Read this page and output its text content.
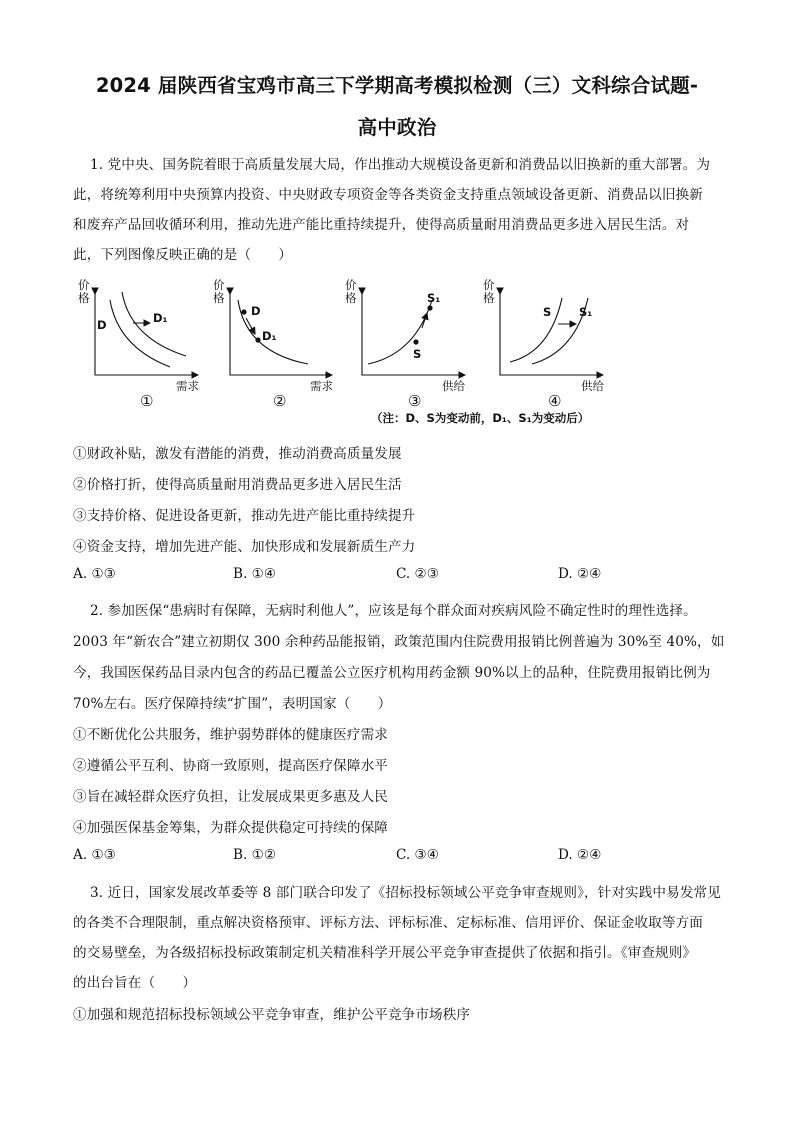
2024 届陕西省宝鸡市高三下学期高考模拟检测（三）文科综合试题-
高中政治
1. 党中央、国务院着眼于高质量发展大局，作出推动大规模设备更新和消费品以旧换新的重大部署。为
此，将统筹利用中央预算内投资、中央财政专项资金等各类资金支持重点领域设备更新、消费品以旧换新
和废弃产品回收循环利用，推动先进产能比重持续提升，使得高质量耐用消费品更多进入居民生活。对
此，下列图像反映正确的是（　　）
价
格
需求
D	D₁
①
价
格
需求
D
D₁
②
价
格
供给
S
S₁
③
价
格
供给
S S₁
④
（注：D、S为变动前，D₁、S₁为变动后）
①财政补贴，激发有潜能的消费，推动消费高质量发展
②价格打折，使得高质量耐用消费品更多进入居民生活
③支持价格、促进设备更新，推动先进产能比重持续提升
④资金支持，增加先进产能、加快形成和发展新质生产力
A. ①③	B. ①④	C. ②③	D. ②④
2. 参加医保“患病时有保障，无病时利他人”，应该是每个群众面对疾病风险不确定性时的理性选择。
2003 年“新农合”建立初期仅 300 余种药品能报销，政策范围内住院费用报销比例普遍为 30%至 40%，如
今，我国医保药品目录内包含的药品已覆盖公立医疗机构用药金额 90%以上的品种，住院费用报销比例为
70%左右。医疗保障持续“扩围”，表明国家（　　）
①不断优化公共服务，维护弱势群体的健康医疗需求
②遵循公平互利、协商一致原则，提高医疗保障水平
③旨在减轻群众医疗负担，让发展成果更多惠及人民
④加强医保基金筹集，为群众提供稳定可持续的保障
A. ①③	B. ①②	C. ③④	D. ②④
3. 近日，国家发展改革委等 8 部门联合印发了《招标投标领域公平竞争审查规则》，针对实践中易发常见
的各类不合理限制，重点解决资格预审、评标方法、评标标准、定标标准、信用评价、保证金收取等方面
的交易壁垒，为各级招标投标政策制定机关精准科学开展公平竞争审查提供了依据和指引。《审查规则》
的出台旨在（　　）
①加强和规范招标投标领域公平竞争审查，维护公平竞争市场秩序
